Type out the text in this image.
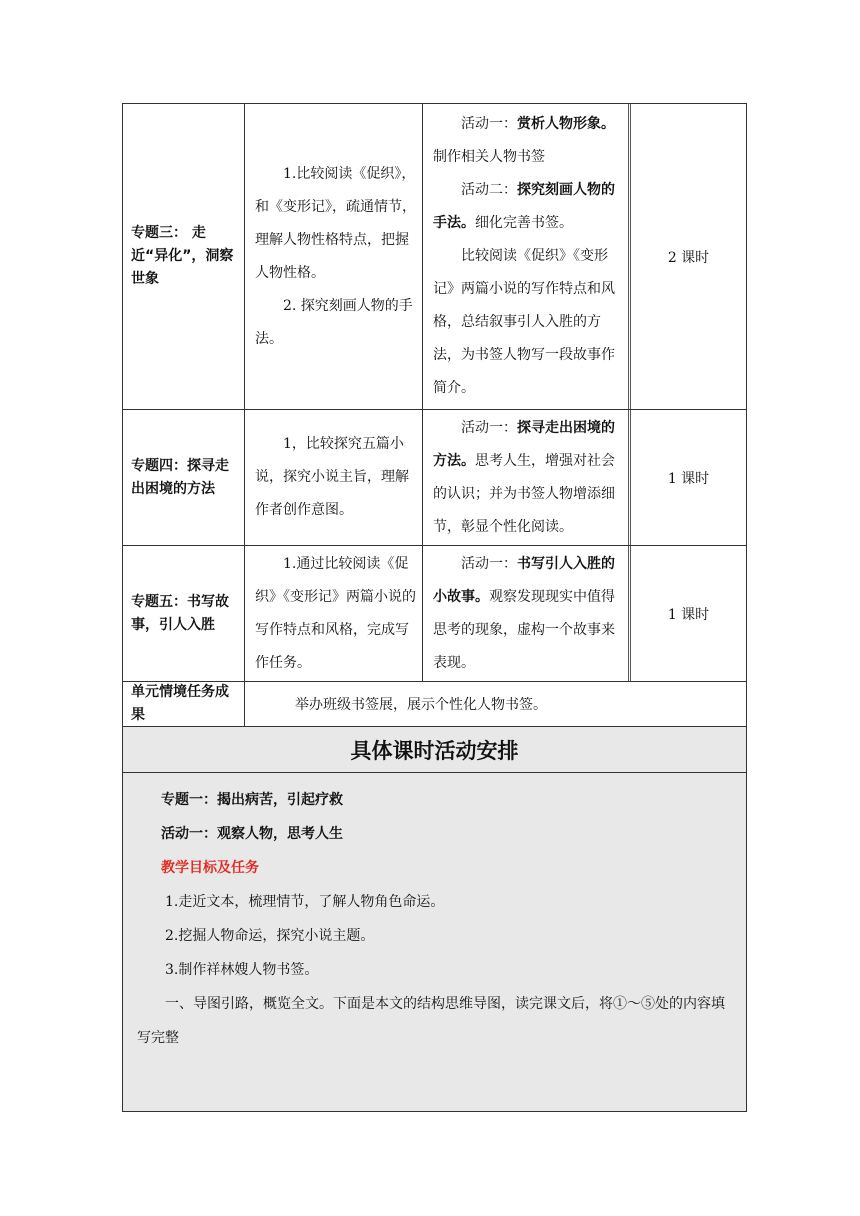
专题三： 走近“异化”，洞察世象
1.比较阅读《促织》，和《变形记》，疏通情节，理解人物性格特点，把握人物性格。
2. 探究刻画人物的手法。
活动一：赏析人物形象。制作相关人物书签
活动二：探究刻画人物的手法。细化完善书签。
比较阅读《促织》《变形记》两篇小说的写作特点和风格，总结叙事引人入胜的方法，为书签人物写一段故事作简介。
2 课时
专题四：探寻走出困境的方法
1，比较探究五篇小说，探究小说主旨，理解作者创作意图。
活动一：探寻走出困境的方法。思考人生，增强对社会的认识；并为书签人物增添细节，彰显个性化阅读。
1 课时
专题五：书写故事，引人入胜
1.通过比较阅读《促织》《变形记》两篇小说的写作特点和风格，完成写作任务。
活动一：书写引人入胜的小故事。观察发现现实中值得思考的现象，虚构一个故事来表现。
1 课时
单元情境任务成果
举办班级书签展，展示个性化人物书签。
具体课时活动安排
专题一：揭出病苦，引起疗救
活动一：观察人物，思考人生
教学目标及任务
1.走近文本，梳理情节，了解人物角色命运。
2.挖掘人物命运，探究小说主题。
3.制作祥林嫂人物书签。
一、导图引路，概览全文。下面是本文的结构思维导图，读完课文后，将①～⑤处的内容填写完整
